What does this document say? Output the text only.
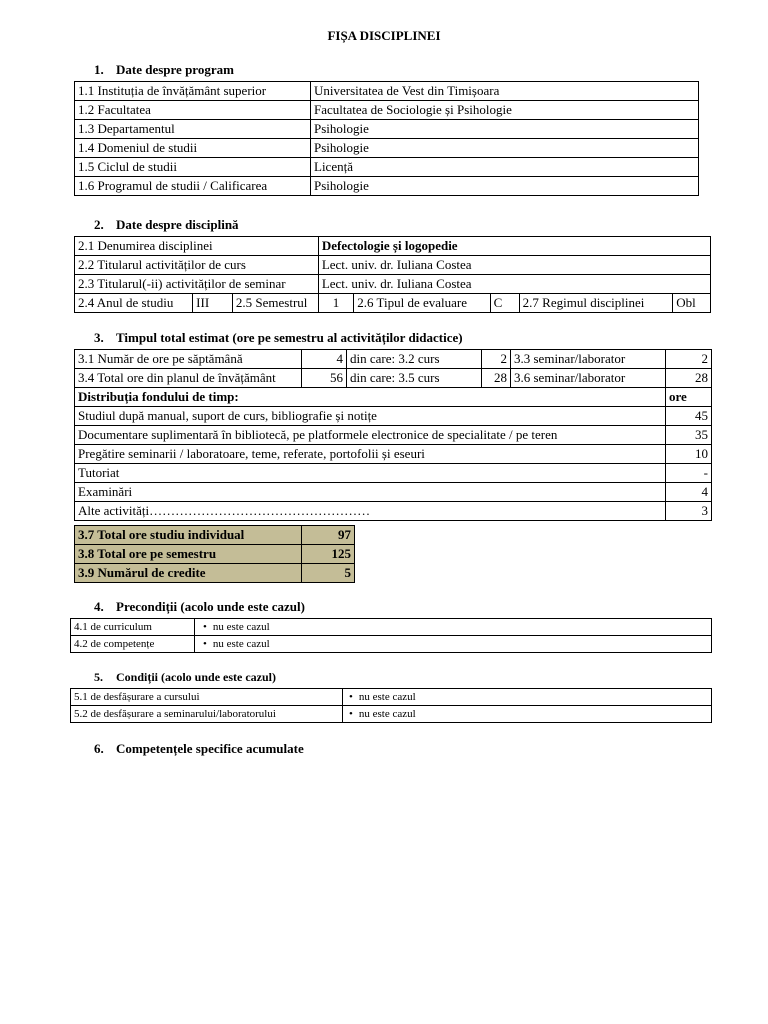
FIȘA DISCIPLINEI
1. Date despre program
1.1 Instituția de învățământ superior	Universitatea de Vest din Timișoara
1.2 Facultatea	Facultatea de Sociologie și Psihologie
1.3 Departamentul	Psihologie
1.4 Domeniul de studii	Psihologie
1.5 Ciclul de studii	Licență
1.6 Programul de studii / Calificarea	Psihologie
2. Date despre disciplină
2.1 Denumirea disciplinei			Defectologie și logopedie				
2.2 Titularul activităților de curs			Lect. univ. dr. Iuliana Costea				
2.3 Titularul(-ii) activităților de seminar			Lect. univ. dr. Iuliana Costea				
2.4 Anul de studiu	III	2.5 Semestrul	1	2.6 Tipul de evaluare	C	2.7 Regimul disciplinei	Obl
3. Timpul total estimat (ore pe semestru al activităților didactice)
3.1 Număr de ore pe săptămână	4	din care: 3.2 curs	2	3.3 seminar/laborator	2
3.4 Total ore din planul de învățământ	56	din care: 3.5 curs	28	3.6 seminar/laborator	28
Distribuția fondului de timp:					ore
Studiul după manual, suport de curs, bibliografie și notițe					45
Documentare suplimentară în bibliotecă, pe platformele electronice de specialitate / pe teren					35
Pregătire seminarii / laboratoare, teme, referate, portofolii și eseuri					10
Tutoriat					-
Examinări					4
Alte activități……………………………………………					3
3.7 Total ore studiu individual	97
3.8 Total ore pe semestru	125
3.9 Numărul de credite	5
4. Precondiții (acolo unde este cazul)
4.1 de curriculum	• nu este cazul
4.2 de competențe	• nu este cazul
5. Condiții (acolo unde este cazul)
5.1 de desfășurare a cursului	• nu este cazul
5.2 de desfășurare a seminarului/laboratorului	• nu este cazul
6. Competențele specifice acumulate
